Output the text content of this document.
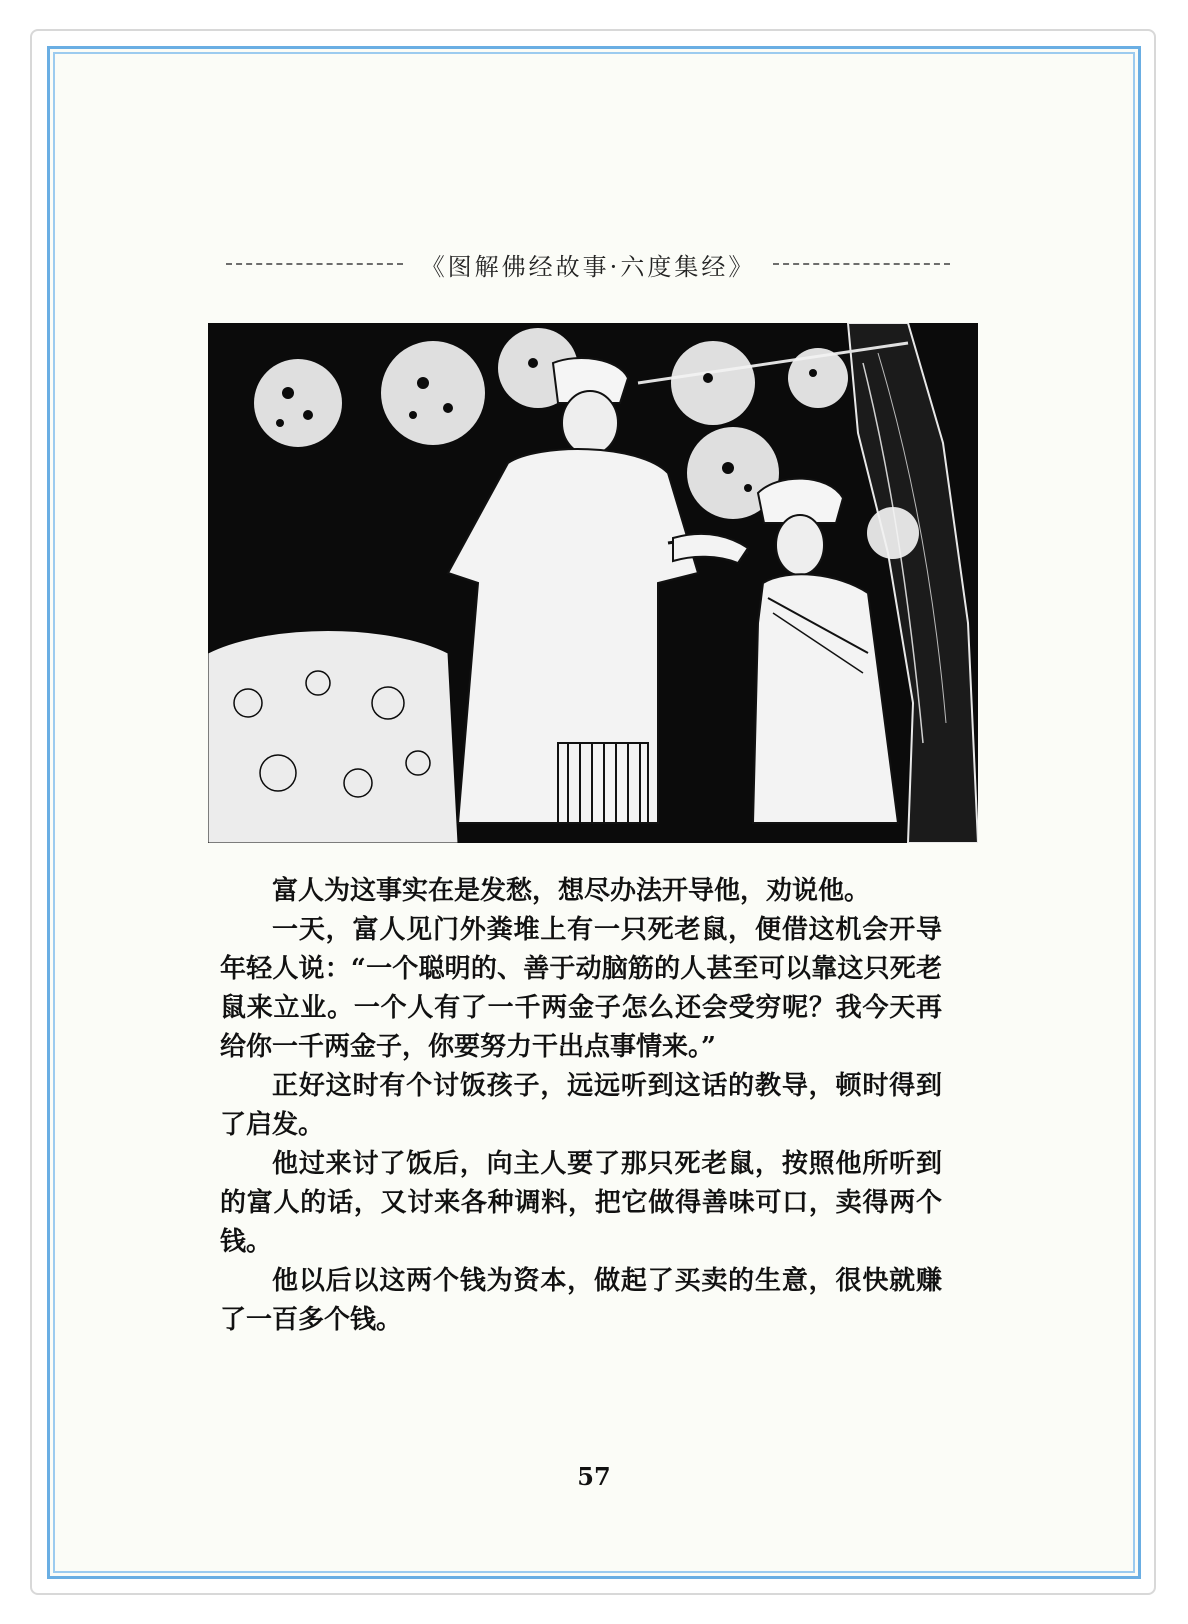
《图解佛经故事·六度集经》

富人为这事实在是发愁，想尽办法开导他，劝说他。

一天，富人见门外粪堆上有一只死老鼠，便借这机会开导年轻人说：“一个聪明的、善于动脑筋的人甚至可以靠这只死老鼠来立业。一个人有了一千两金子怎么还会受穷呢？我今天再给你一千两金子，你要努力干出点事情来。”

正好这时有个讨饭孩子，远远听到这话的教导，顿时得到了启发。

他过来讨了饭后，向主人要了那只死老鼠，按照他所听到的富人的话，又讨来各种调料，把它做得善味可口，卖得两个钱。

他以后以这两个钱为资本，做起了买卖的生意，很快就赚了一百多个钱。

57
